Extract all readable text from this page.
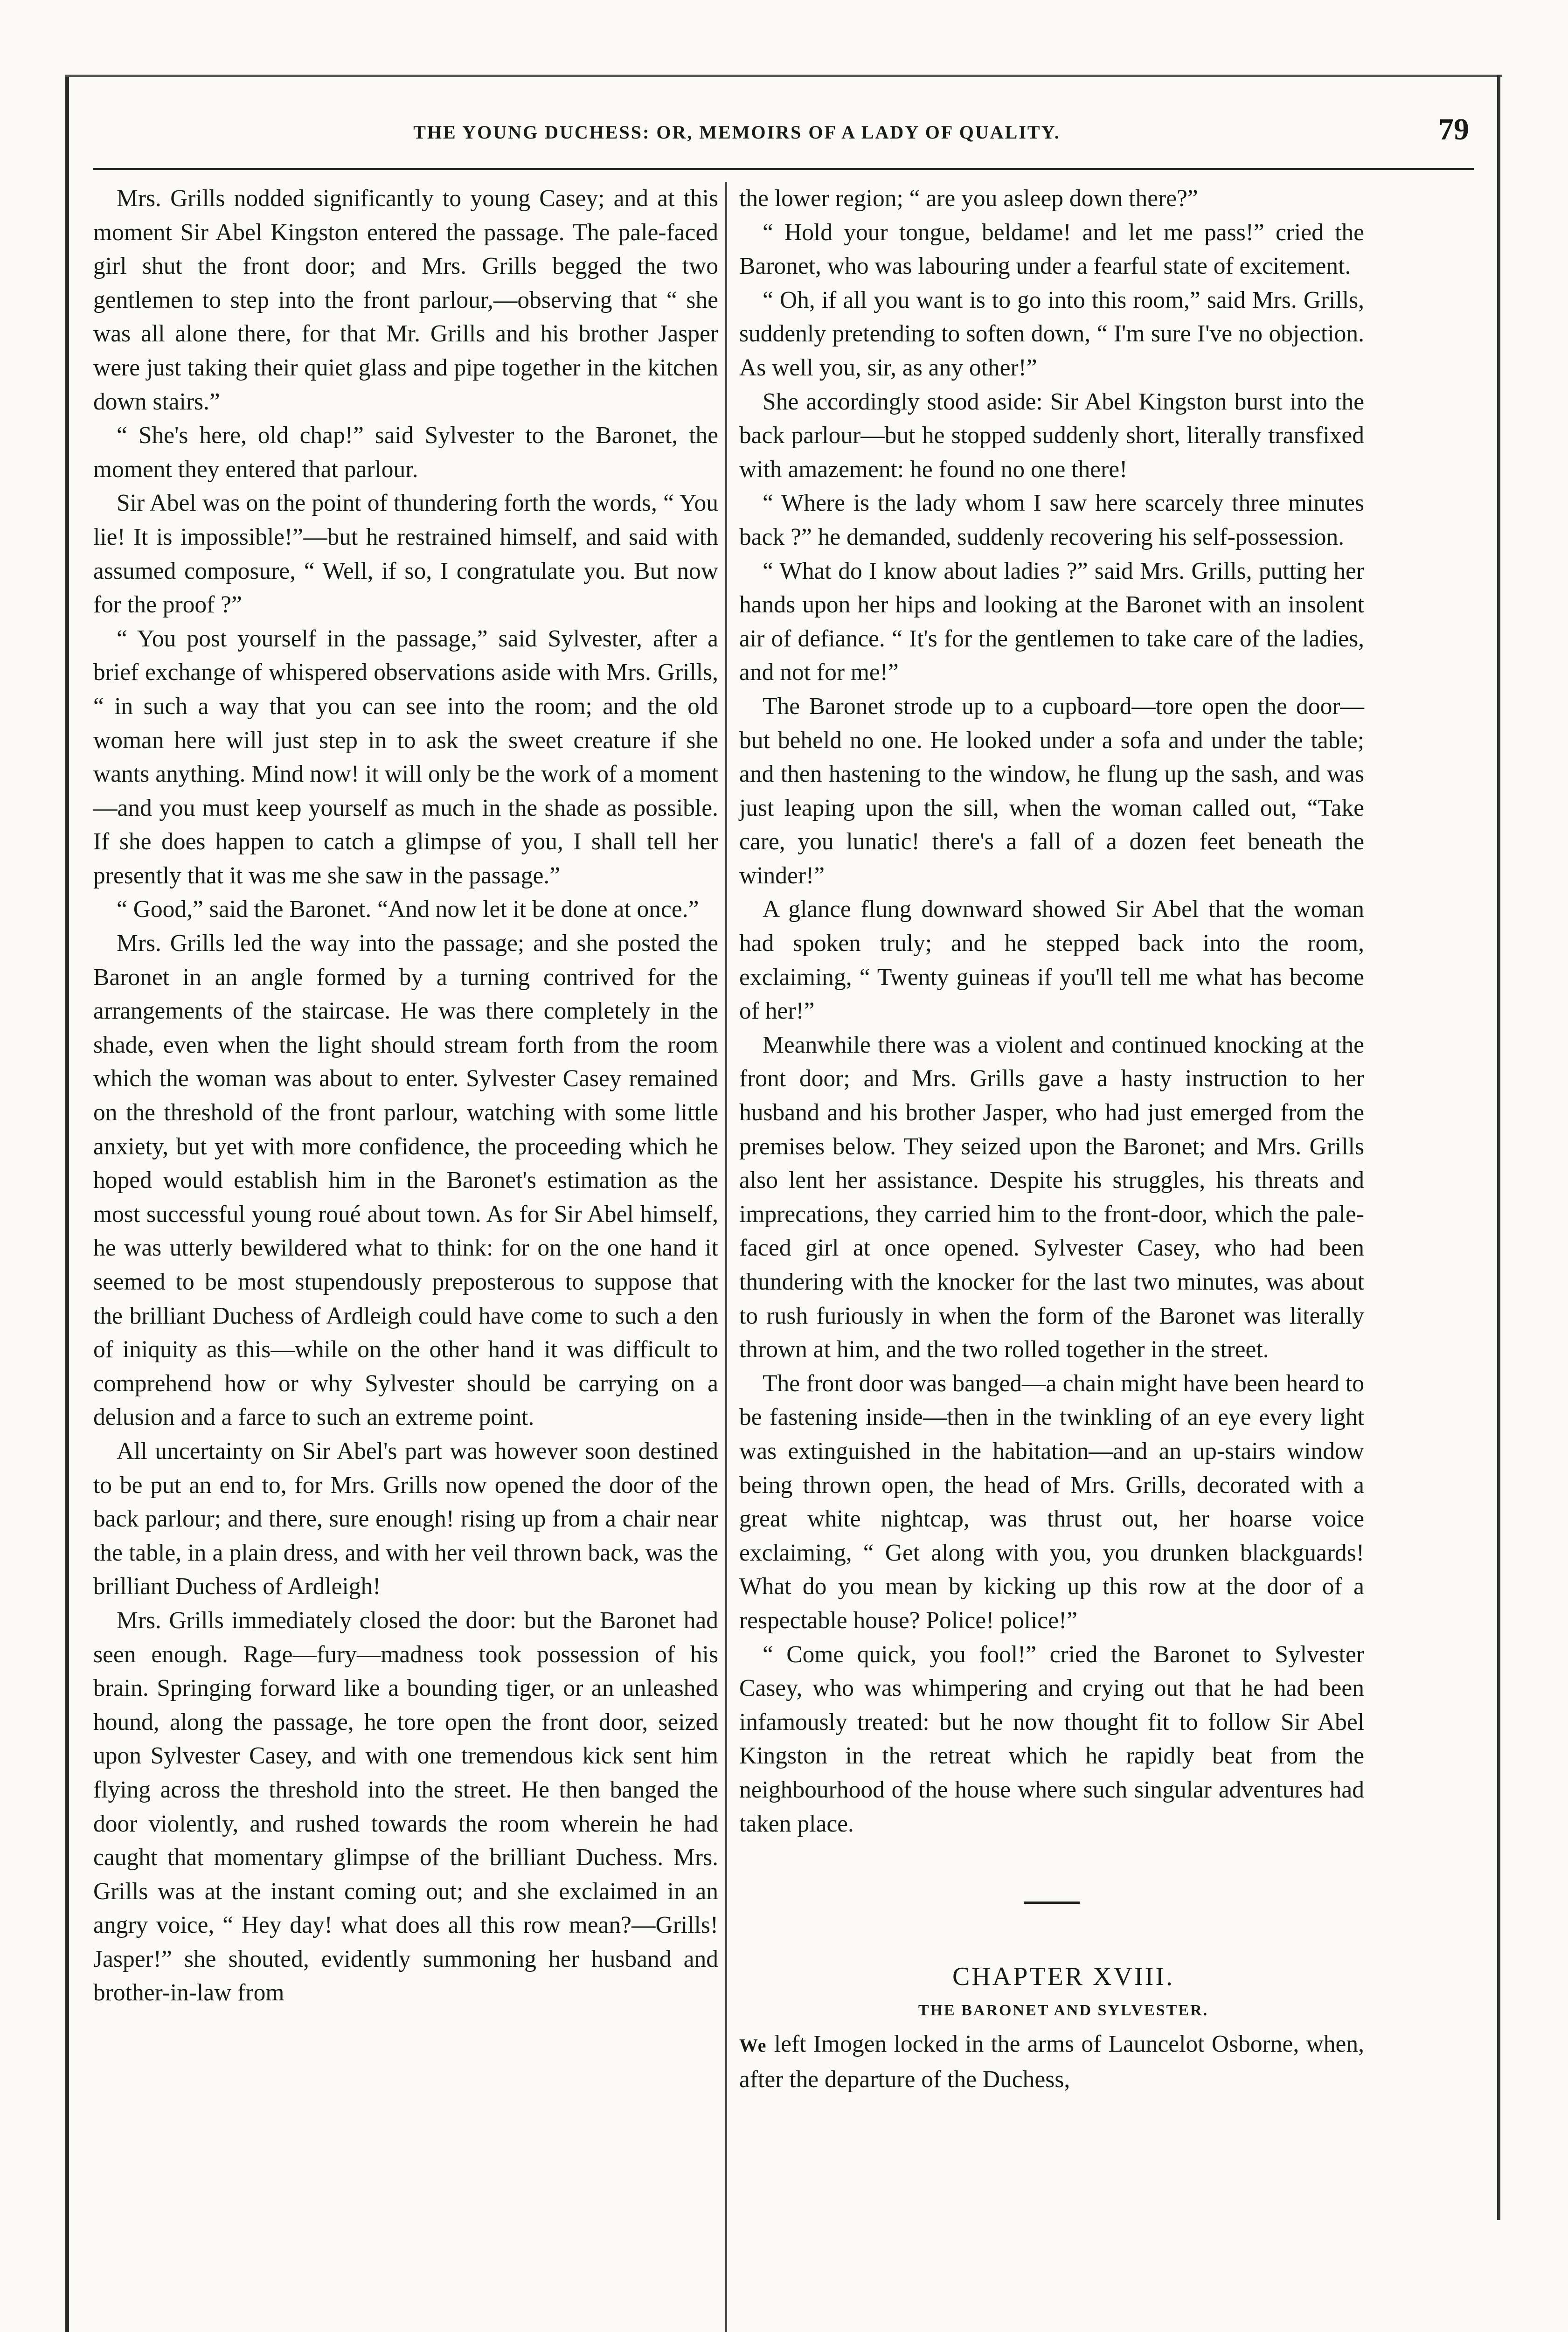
THE YOUNG DUCHESS: OR, MEMOIRS OF A LADY OF QUALITY.	79

Mrs. Grills nodded significantly to young Casey; and at this moment Sir Abel Kingston entered the passage. The pale-faced girl shut the front door; and Mrs. Grills begged the two gentlemen to step into the front parlour,—observing that “ she was all alone there, for that Mr. Grills and his brother Jasper were just taking their quiet glass and pipe together in the kitchen down stairs.”

“ She's here, old chap!” said Sylvester to the Baronet, the moment they entered that parlour.

Sir Abel was on the point of thundering forth the words, “ You lie! It is impossible!”—but he restrained himself, and said with assumed composure, “ Well, if so, I congratulate you. But now for the proof ?”

“ You post yourself in the passage,” said Sylvester, after a brief exchange of whispered observations aside with Mrs. Grills, “ in such a way that you can see into the room; and the old woman here will just step in to ask the sweet creature if she wants anything. Mind now! it will only be the work of a moment—and you must keep yourself as much in the shade as possible. If she does happen to catch a glimpse of you, I shall tell her presently that it was me she saw in the passage.”

“ Good,” said the Baronet. “And now let it be done at once.”

Mrs. Grills led the way into the passage; and she posted the Baronet in an angle formed by a turning contrived for the arrangements of the staircase. He was there completely in the shade, even when the light should stream forth from the room which the woman was about to enter. Sylvester Casey remained on the threshold of the front parlour, watching with some little anxiety, but yet with more confidence, the proceeding which he hoped would establish him in the Baronet's estimation as the most successful young roué about town. As for Sir Abel himself, he was utterly bewildered what to think: for on the one hand it seemed to be most stupendously preposterous to suppose that the brilliant Duchess of Ardleigh could have come to such a den of iniquity as this—while on the other hand it was difficult to comprehend how or why Sylvester should be carrying on a delusion and a farce to such an extreme point.

All uncertainty on Sir Abel's part was however soon destined to be put an end to, for Mrs. Grills now opened the door of the back parlour; and there, sure enough! rising up from a chair near the table, in a plain dress, and with her veil thrown back, was the brilliant Duchess of Ardleigh!

Mrs. Grills immediately closed the door: but the Baronet had seen enough. Rage—fury—madness took possession of his brain. Springing forward like a bounding tiger, or an unleashed hound, along the passage, he tore open the front door, seized upon Sylvester Casey, and with one tremendous kick sent him flying across the threshold into the street. He then banged the door violently, and rushed towards the room wherein he had caught that momentary glimpse of the brilliant Duchess. Mrs. Grills was at the instant coming out; and she exclaimed in an angry voice, “ Hey day! what does all this row mean?—Grills! Jasper!” she shouted, evidently summoning her husband and brother-in-law from

the lower region; “ are you asleep down there?”

“ Hold your tongue, beldame! and let me pass!” cried the Baronet, who was labouring under a fearful state of excitement.

“ Oh, if all you want is to go into this room,” said Mrs. Grills, suddenly pretending to soften down, “ I'm sure I've no objection. As well you, sir, as any other!”

She accordingly stood aside: Sir Abel Kingston burst into the back parlour—but he stopped suddenly short, literally transfixed with amazement: he found no one there!

“ Where is the lady whom I saw here scarcely three minutes back ?” he demanded, suddenly recovering his self-possession.

“ What do I know about ladies ?” said Mrs. Grills, putting her hands upon her hips and looking at the Baronet with an insolent air of defiance. “ It's for the gentlemen to take care of the ladies, and not for me!”

The Baronet strode up to a cupboard—tore open the door—but beheld no one. He looked under a sofa and under the table; and then hastening to the window, he flung up the sash, and was just leaping upon the sill, when the woman called out, “Take care, you lunatic! there's a fall of a dozen feet beneath the winder!”

A glance flung downward showed Sir Abel that the woman had spoken truly; and he stepped back into the room, exclaiming, “ Twenty guineas if you'll tell me what has become of her!”

Meanwhile there was a violent and continued knocking at the front door; and Mrs. Grills gave a hasty instruction to her husband and his brother Jasper, who had just emerged from the premises below. They seized upon the Baronet; and Mrs. Grills also lent her assistance. Despite his struggles, his threats and imprecations, they carried him to the front-door, which the pale-faced girl at once opened. Sylvester Casey, who had been thundering with the knocker for the last two minutes, was about to rush furiously in when the form of the Baronet was literally thrown at him, and the two rolled together in the street.

The front door was banged—a chain might have been heard to be fastening inside—then in the twinkling of an eye every light was extinguished in the habitation—and an up-stairs window being thrown open, the head of Mrs. Grills, decorated with a great white nightcap, was thrust out, her hoarse voice exclaiming, “ Get along with you, you drunken blackguards! What do you mean by kicking up this row at the door of a respectable house? Police! police!”

“ Come quick, you fool!” cried the Baronet to Sylvester Casey, who was whimpering and crying out that he had been infamously treated: but he now thought fit to follow Sir Abel Kingston in the retreat which he rapidly beat from the neighbourhood of the house where such singular adventures had taken place.

CHAPTER XVIII.

THE BARONET AND SYLVESTER.

We left Imogen locked in the arms of Launcelot Osborne, when, after the departure of the Duchess,
